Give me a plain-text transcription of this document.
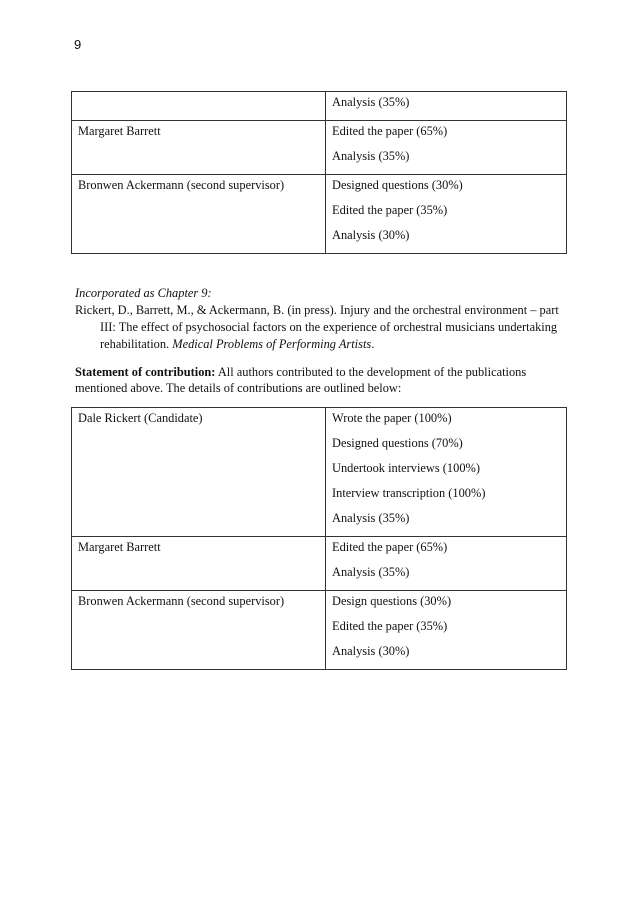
9

	Analysis (35%)

Margaret Barrett	Edited the paper (65%)
Analysis (35%)

Bronwen Ackermann (second supervisor)	Designed questions (30%)
Edited the paper (35%)
Analysis (30%)
Incorporated as Chapter 9:
Rickert, D., Barrett, M., & Ackermann, B. (in press). Injury and the orchestral environment – part III: The effect of psychosocial factors on the experience of orchestral musicians undertaking rehabilitation. Medical Problems of Performing Artists.
Statement of contribution: All authors contributed to the development of the publications mentioned above. The details of contributions are outlined below:
Dale Rickert (Candidate)	Wrote the paper (100%)
Designed questions (70%)
Undertook interviews (100%)
Interview transcription (100%)
Analysis (35%)

Margaret Barrett	Edited the paper (65%)
Analysis (35%)

Bronwen Ackermann (second supervisor)	Design questions (30%)
Edited the paper (35%)
Analysis (30%)
